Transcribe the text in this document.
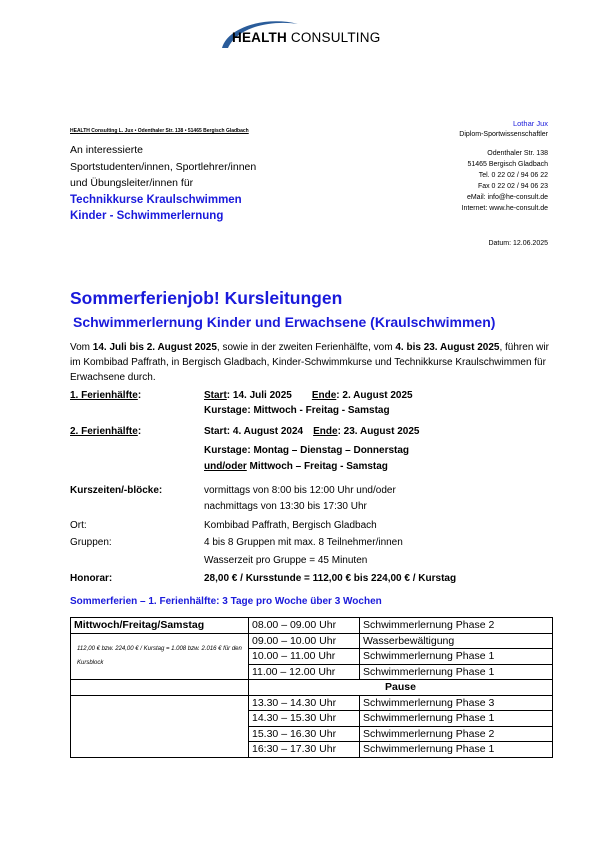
HEALTH CONSULTING
HEALTH Consulting L. Jux • Odenthaler Str. 138 • 51465 Bergisch Gladbach
An interessierte
Sportstudenten/innen, Sportlehrer/innen
und Übungsleiter/innen für
Technikkurse Kraulschwimmen
Kinder - Schwimmerlernung
Lothar Jux
Diplom-Sportwissenschaftler
Odenthaler Str. 138
51465 Bergisch Gladbach
Tel. 0 22 02 / 94 06 22
Fax 0 22 02 / 94 06 23
eMail: info@he-consult.de
Internet: www.he-consult.de
Datum: 12.06.2025
Sommerferienjob! Kursleitungen
Schwimmerlernung Kinder und Erwachsene (Kraulschwimmen)
Vom 14. Juli bis 2. August 2025, sowie in der zweiten Ferienhälfte, vom 4. bis 23. August 2025, führen wir im Kombibad Paffrath, in Bergisch Gladbach, Kinder-Schwimmkurse und Technikkurse Kraulschwimmen für Erwachsene durch.
1. Ferienhälfte:	Start: 14. Juli 2025 Ende: 2. August 2025
Kurstage: Mittwoch - Freitag - Samstag
2. Ferienhälfte:	Start: 4. August 2024 Ende: 23. August 2025
Kurstage: Montag – Dienstag – Donnerstag
und/oder Mittwoch – Freitag - Samstag
Kurszeiten/-blöcke:	vormittags von 8:00 bis 12:00 Uhr und/oder
nachmittags von 13:30 bis 17:30 Uhr
Ort:	Kombibad Paffrath, Bergisch Gladbach
Gruppen:	4 bis 8 Gruppen mit max. 8 Teilnehmer/innen
Wasserzeit pro Gruppe = 45 Minuten
Honorar:	28,00 € / Kursstunde = 112,00 € bis 224,00 € / Kurstag
Sommerferien – 1. Ferienhälfte: 3 Tage pro Woche über 3 Wochen
Mittwoch/Freitag/Samstag	08.00 – 09.00 Uhr	Schwimmerlernung Phase 2
112,00 € bzw. 224,00 € / Kurstag = 1.008 bzw. 2.016 € für den Kursblock	09.00 – 10.00 Uhr	Wasserbewältigung
	10.00 – 11.00 Uhr	Schwimmerlernung Phase 1
	11.00 – 12.00 Uhr	Schwimmerlernung Phase 1
	Pause	
	13.30 – 14.30 Uhr	Schwimmerlernung Phase 3
	14.30 – 15.30 Uhr	Schwimmerlernung Phase 1
	15.30 – 16.30 Uhr	Schwimmerlernung Phase 2
	16:30 – 17.30 Uhr	Schwimmerlernung Phase 1
